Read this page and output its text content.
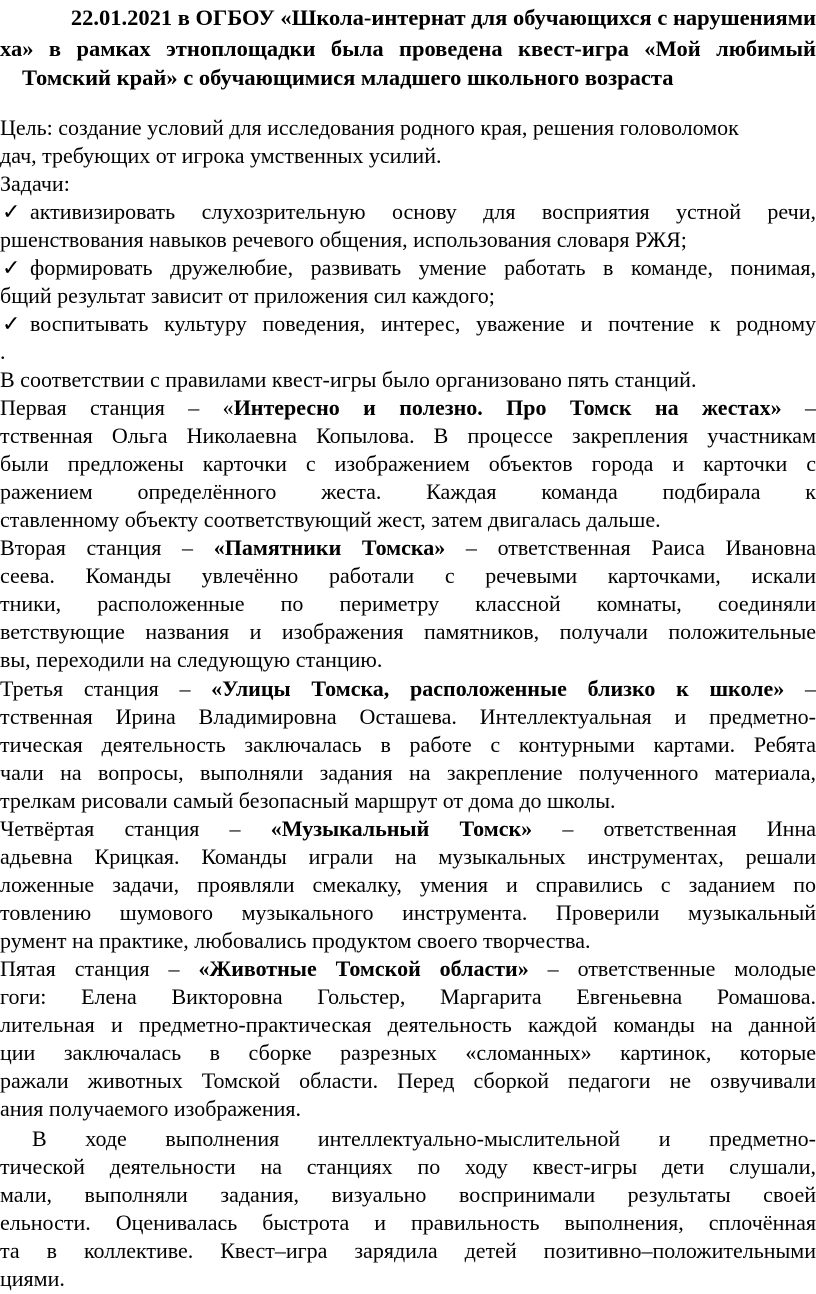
22.01.2021 в ОГБОУ «Школа-интернат для обучающихся с нарушениями
ха» в рамках этноплощадки была проведена квест-игра «Мой любимый
Томский край» с обучающимися младшего школьного возраста
Цель: создание условий для исследования родного края, решения головоломок
дач, требующих от игрока умственных усилий.
Задачи:
✓ активизировать слухозрительную основу для восприятия устной речи,
ршенствования навыков речевого общения, использования словаря РЖЯ;
✓ формировать дружелюбие, развивать умение работать в команде, понимая,
бщий результат зависит от приложения сил каждого;
✓ воспитывать культуру поведения, интерес, уважение и почтение к родному
.
В соответствии с правилами квест-игры было организовано пять станций.
Первая станция – «Интересно и полезно. Про Томск на жестах» –
тственная Ольга Николаевна Копылова. В процессе закрепления участникам
были предложены карточки с изображением объектов города и карточки с
ражением определённого жеста. Каждая команда подбирала к
ставленному объекту соответствующий жест, затем двигалась дальше.
Вторая станция – «Памятники Томска» – ответственная Раиса Ивановна
сеева. Команды увлечённо работали с речевыми карточками, искали
тники, расположенные по периметру классной комнаты, соединяли
ветствующие названия и изображения памятников, получали положительные
вы, переходили на следующую станцию.
Третья станция – «Улицы Томска, расположенные близко к школе» –
тственная Ирина Владимировна Осташева. Интеллектуальная и предметно-
тическая деятельность заключалась в работе с контурными картами. Ребята
чали на вопросы, выполняли задания на закрепление полученного материала,
трелкам рисовали самый безопасный маршрут от дома до школы.
Четвёртая станция – «Музыкальный Томск» – ответственная Инна
адьевна Крицкая. Команды играли на музыкальных инструментах, решали
ложенные задачи, проявляли смекалку, умения и справились с заданием по
товлению шумового музыкального инструмента. Проверили музыкальный
румент на практике, любовались продуктом своего творчества.
Пятая станция – «Животные Томской области» – ответственные молодые
гоги: Елена Викторовна Гольстер, Маргарита Евгеньевна Ромашова.
лительная и предметно-практическая деятельность каждой команды на данной
ции заключалась в сборке разрезных «сломанных» картинок, которые
ражали животных Томской области. Перед сборкой педагоги не озвучивали
ания получаемого изображения.
В ходе выполнения интеллектуально-мыслительной и предметно-
тической деятельности на станциях по ходу квест-игры дети слушали,
мали, выполняли задания, визуально воспринимали результаты своей
ельности. Оценивалась быстрота и правильность выполнения, сплочённая
та в коллективе. Квест–игра зарядила детей позитивно–положительными
циями.
